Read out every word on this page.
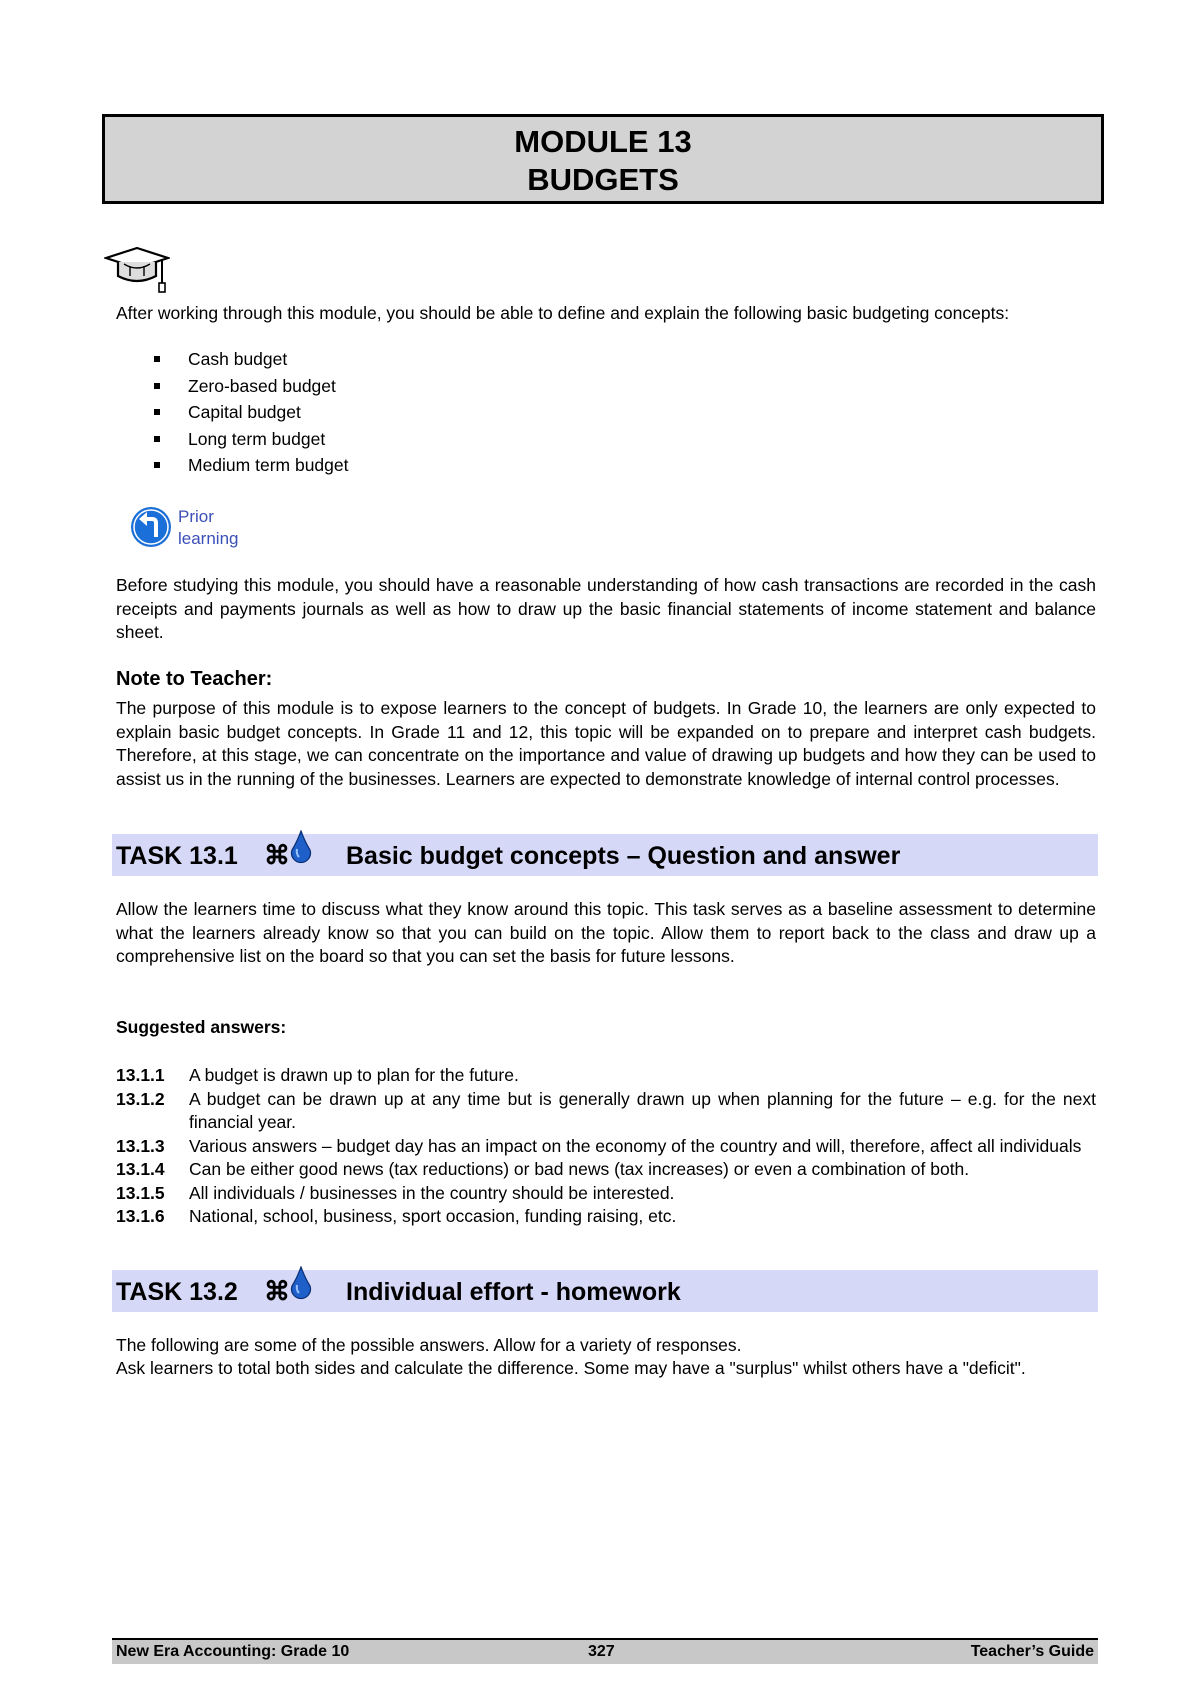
MODULE 13
BUDGETS
After working through this module, you should be able to define and explain the following basic budgeting concepts:
Cash budget
Zero-based budget
Capital budget
Long term budget
Medium term budget
Prior
learning
Before studying this module, you should have a reasonable understanding of how cash transactions are recorded in the cash receipts and payments journals as well as how to draw up the basic financial statements of income statement and balance sheet.
Note to Teacher:
The purpose of this module is to expose learners to the concept of budgets. In Grade 10, the learners are only expected to explain basic budget concepts. In Grade 11 and 12, this topic will be expanded on to prepare and interpret cash budgets. Therefore, at this stage, we can concentrate on the importance and value of drawing up budgets and how they can be used to assist us in the running of the businesses. Learners are expected to demonstrate knowledge of internal control processes.
TASK 13.1 ⌘ Basic budget concepts – Question and answer
Allow the learners time to discuss what they know around this topic. This task serves as a baseline assessment to determine what the learners already know so that you can build on the topic. Allow them to report back to the class and draw up a comprehensive list on the board so that you can set the basis for future lessons.
Suggested answers:
13.1.1	A budget is drawn up to plan for the future.
13.1.2	A budget can be drawn up at any time but is generally drawn up when planning for the future – e.g. for the next financial year.
13.1.3	Various answers – budget day has an impact on the economy of the country and will, therefore, affect all individuals
13.1.4	Can be either good news (tax reductions) or bad news (tax increases) or even a combination of both.
13.1.5	All individuals / businesses in the country should be interested.
13.1.6	National, school, business, sport occasion, funding raising, etc.
TASK 13.2 ⌘ Individual effort - homework
The following are some of the possible answers. Allow for a variety of responses.
Ask learners to total both sides and calculate the difference. Some may have a "surplus" whilst others have a "deficit".
New Era Accounting: Grade 10	327	Teacher’s Guide
